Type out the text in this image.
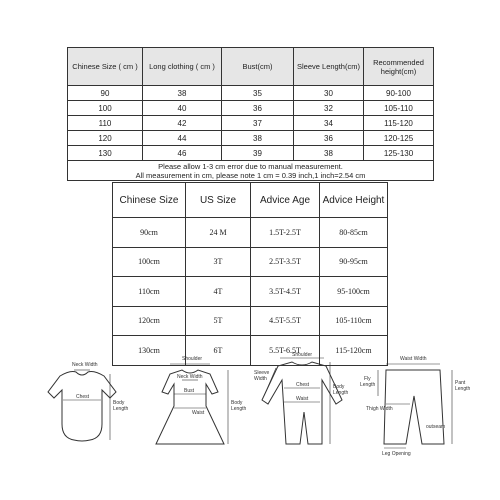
Chinese Size ( cm )	Long clothing ( cm )	Bust(cm)	Sleeve Length(cm)	Recommended height(cm)
90	38	35	30	90-100
100	40	36	32	105-110
110	42	37	34	115-120
120	44	38	36	120-125
130	46	39	38	125-130

Please allow 1-3 cm error due to manual measurement.
All measurement in cm, please note 1 cm = 0.39 inch,1 inch=2.54 cm				
Chinese Size	US Size	Advice Age	Advice Height
90cm	24 M	1.5T-2.5T	80-85cm
100cm	3T	2.5T-3.5T	90-95cm
110cm	4T	3.5T-4.5T	95-100cm
120cm	5T	4.5T-5.5T	105-110cm
130cm	6T	5.5T-6.5T	115-120cm
Neck Width
Chest
Body
Length
Shoulder
Neck Width
Bust
Waist
Body
Length
Shoulder
Sleeve
Width
Chest
Waist
Body
Length
Waist Width
Fly
Length
Thigh Width
Pant
Length
outseam
Leg Opening
